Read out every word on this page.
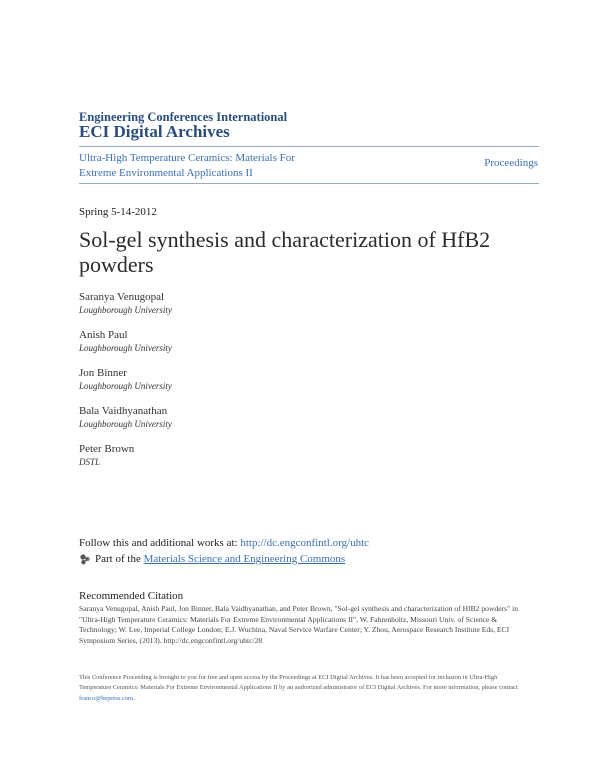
Engineering Conferences International
ECI Digital Archives
Ultra-High Temperature Ceramics: Materials For Extreme Environmental Applications II
Proceedings
Spring 5-14-2012
Sol-gel synthesis and characterization of HfB2 powders
Saranya Venugopal
Loughborough University
Anish Paul
Loughborough University
Jon Binner
Loughborough University
Bala Vaidhyanathan
Loughborough University
Peter Brown
DSTL
Follow this and additional works at: http://dc.engconfintl.org/uhtc
Part of the
Materials Science and Engineering Commons
Recommended Citation
Saranya Venugopal, Anish Paul, Jon Binner, Bala Vaidhyanathan, and Peter Brown, "Sol-gel synthesis and characterization of HfB2 powders" in "Ultra-High Temperature Ceramics: Materials For Extreme Environmental Applications II", W. Fahrenholtz, Missouri Univ. of Science & Technology; W. Lee, Imperial College London; E.J. Wuchina, Naval Service Warfare Center; Y. Zhou, Aerospace Research Institute Eds, ECI Symposium Series, (2013). http://dc.engconfintl.org/uhtc/28
This Conference Proceeding is brought to you for free and open access by the Proceedings at ECI Digital Archives. It has been accepted for inclusion in Ultra-High Temperature Ceramics: Materials For Extreme Environmental Applications II by an authorized administrator of ECI Digital Archives. For more information, please contact franco@bepress.com.
